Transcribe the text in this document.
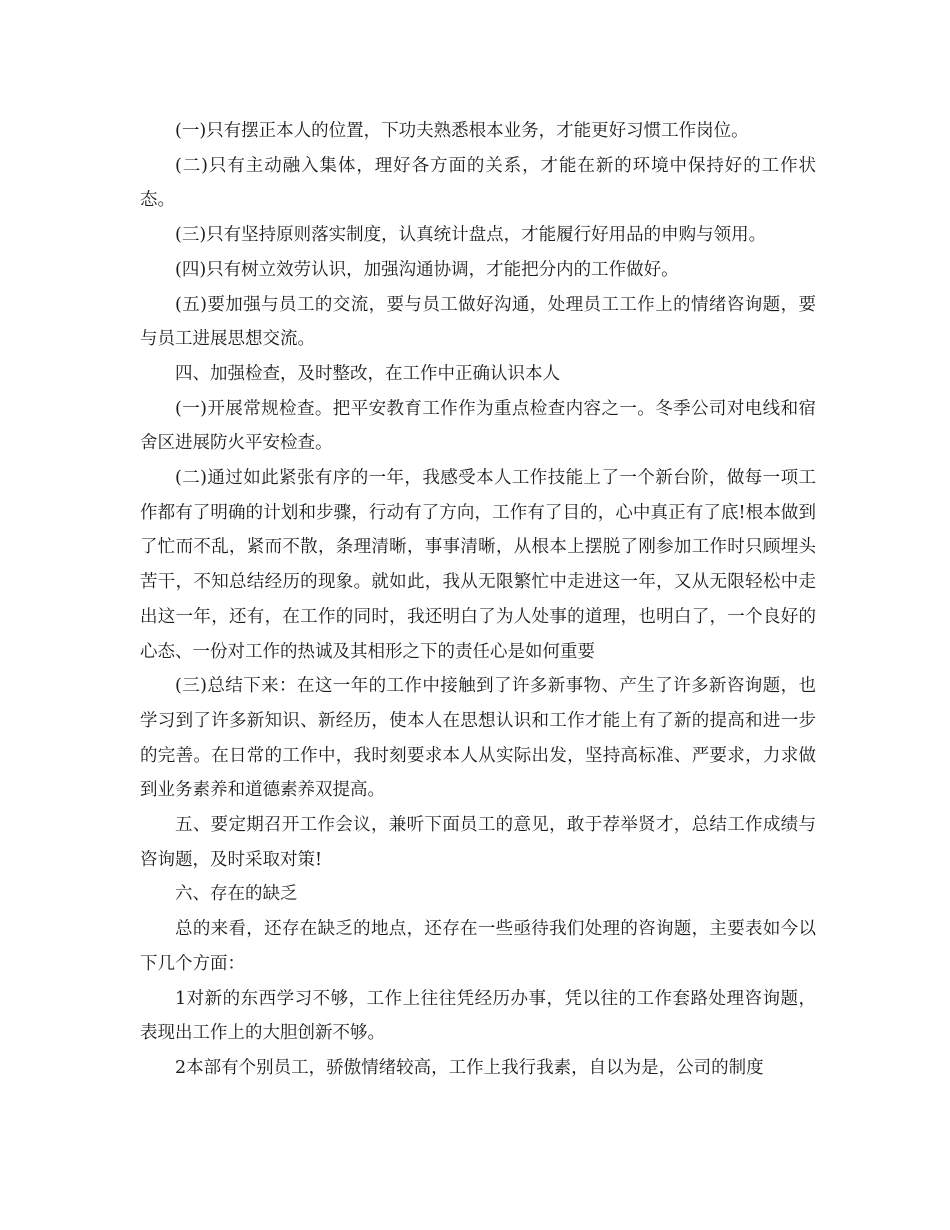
(一)只有摆正本人的位置，下功夫熟悉根本业务，才能更好习惯工作岗位。

(二)只有主动融入集体，理好各方面的关系，才能在新的环境中保持好的工作状态。

(三)只有坚持原则落实制度，认真统计盘点，才能履行好用品的申购与领用。

(四)只有树立效劳认识，加强沟通协调，才能把分内的工作做好。

(五)要加强与员工的交流，要与员工做好沟通，处理员工工作上的情绪咨询题，要与员工进展思想交流。

四、加强检查，及时整改，在工作中正确认识本人

(一)开展常规检查。把平安教育工作作为重点检查内容之一。冬季公司对电线和宿舍区进展防火平安检查。

(二)通过如此紧张有序的一年，我感受本人工作技能上了一个新台阶，做每一项工作都有了明确的计划和步骤，行动有了方向，工作有了目的，心中真正有了底!根本做到了忙而不乱，紧而不散，条理清晰，事事清晰，从根本上摆脱了刚参加工作时只顾埋头苦干，不知总结经历的现象。就如此，我从无限繁忙中走进这一年，又从无限轻松中走出这一年，还有，在工作的同时，我还明白了为人处事的道理，也明白了，一个良好的心态、一份对工作的热诚及其相形之下的责任心是如何重要

(三)总结下来：在这一年的工作中接触到了许多新事物、产生了许多新咨询题，也学习到了许多新知识、新经历，使本人在思想认识和工作才能上有了新的提高和进一步的完善。在日常的工作中，我时刻要求本人从实际出发，坚持高标准、严要求，力求做到业务素养和道德素养双提高。

五、要定期召开工作会议，兼听下面员工的意见，敢于荐举贤才，总结工作成绩与咨询题，及时采取对策!

六、存在的缺乏

总的来看，还存在缺乏的地点，还存在一些亟待我们处理的咨询题，主要表如今以下几个方面：

1对新的东西学习不够，工作上往往凭经历办事，凭以往的工作套路处理咨询题，表现出工作上的大胆创新不够。

2本部有个别员工，骄傲情绪较高，工作上我行我素，自以为是，公司的制度
